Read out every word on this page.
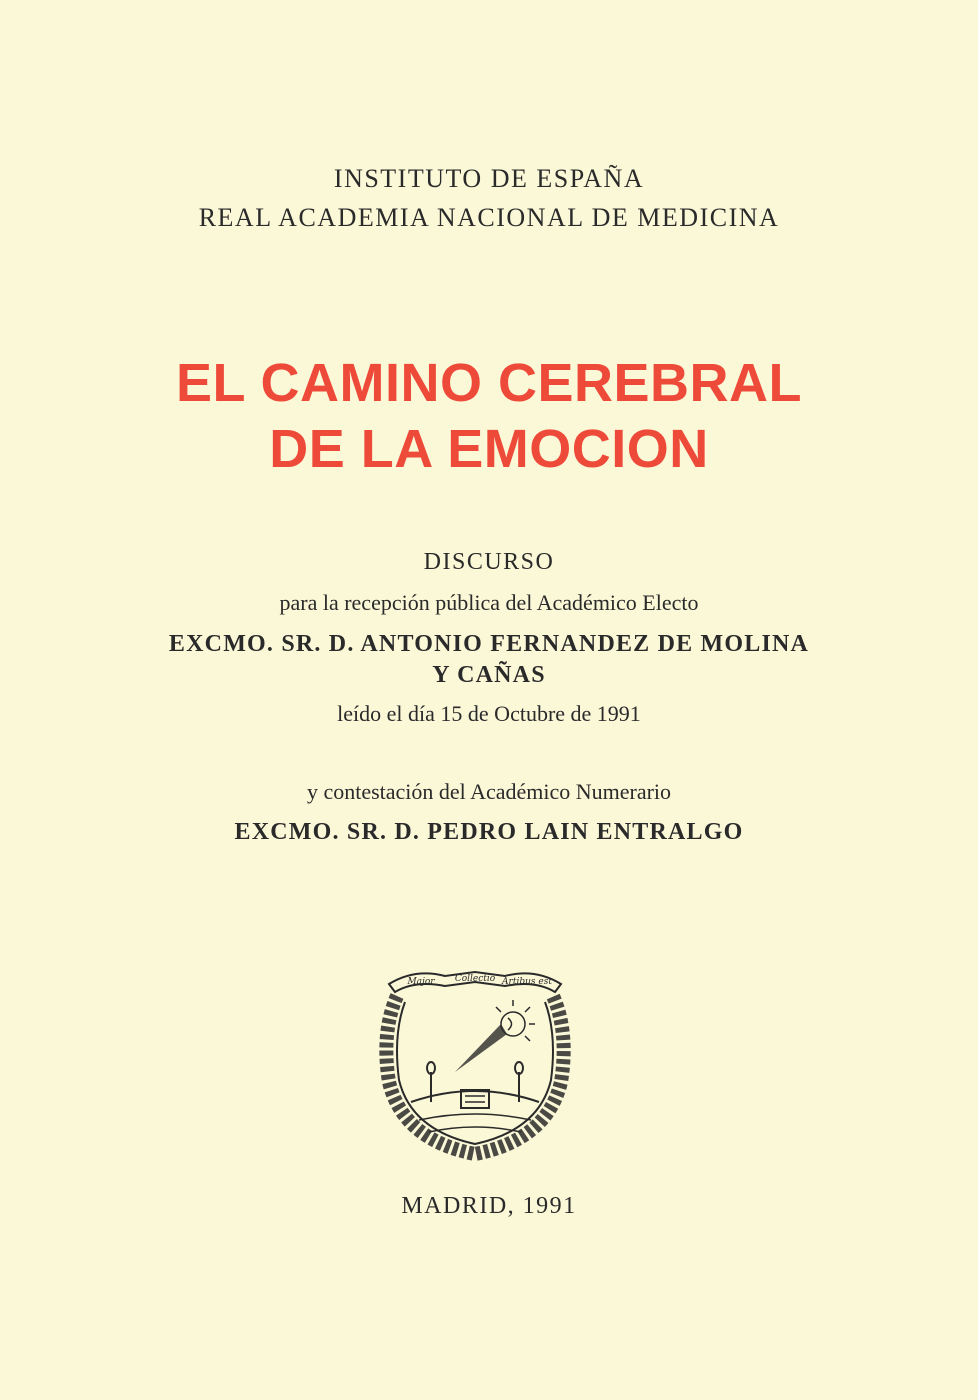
INSTITUTO DE ESPAÑA
REAL ACADEMIA NACIONAL DE MEDICINA
EL CAMINO CEREBRAL
DE LA EMOCION
DISCURSO
para la recepción pública del Académico Electo
EXCMO. SR. D. ANTONIO FERNANDEZ DE MOLINA
Y CAÑAS
leído el día 15 de Octubre de 1991
y contestación del Académico Numerario
EXCMO. SR. D. PEDRO LAIN ENTRALGO
Major Collectio Artibus est
MADRID, 1991
